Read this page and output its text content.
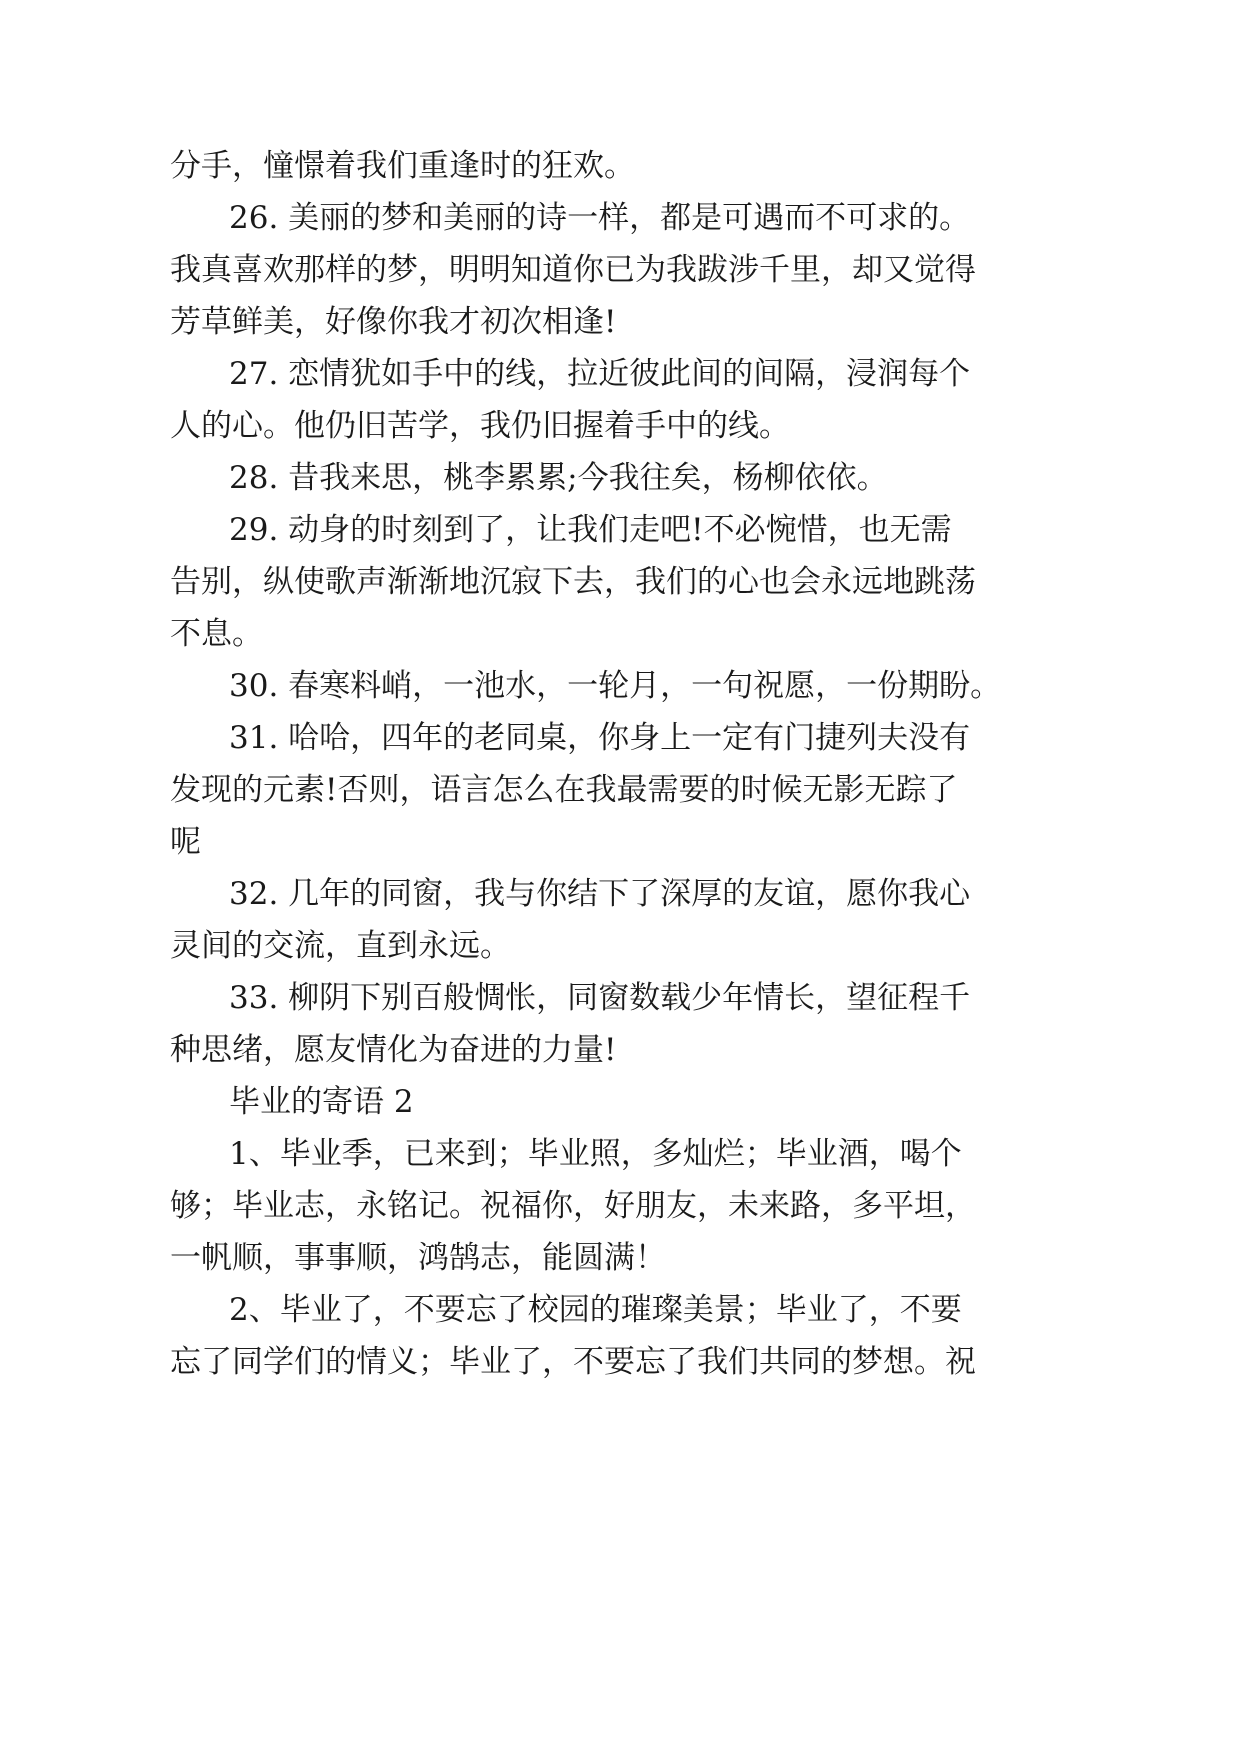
分手，憧憬着我们重逢时的狂欢。
26. 美丽的梦和美丽的诗一样，都是可遇而不可求的。
我真喜欢那样的梦，明明知道你已为我跋涉千里，却又觉得
芳草鲜美，好像你我才初次相逢!
27. 恋情犹如手中的线，拉近彼此间的间隔，浸润每个
人的心。他仍旧苦学，我仍旧握着手中的线。
28. 昔我来思，桃李累累;今我往矣，杨柳依依。
29. 动身的时刻到了，让我们走吧!不必惋惜，也无需
告别，纵使歌声渐渐地沉寂下去，我们的心也会永远地跳荡
不息。
30. 春寒料峭，一池水，一轮月，一句祝愿，一份期盼。
31. 哈哈，四年的老同桌，你身上一定有门捷列夫没有
发现的元素!否则，语言怎么在我最需要的时候无影无踪了
呢
32. 几年的同窗，我与你结下了深厚的友谊，愿你我心
灵间的交流，直到永远。
33. 柳阴下别百般惆怅，同窗数载少年情长，望征程千
种思绪，愿友情化为奋进的力量!
毕业的寄语 2
1、毕业季，已来到；毕业照，多灿烂；毕业酒，喝个
够；毕业志，永铭记。祝福你，好朋友，未来路，多平坦，
一帆顺，事事顺，鸿鹄志，能圆满！
2、毕业了，不要忘了校园的璀璨美景；毕业了，不要
忘了同学们的情义；毕业了，不要忘了我们共同的梦想。祝
